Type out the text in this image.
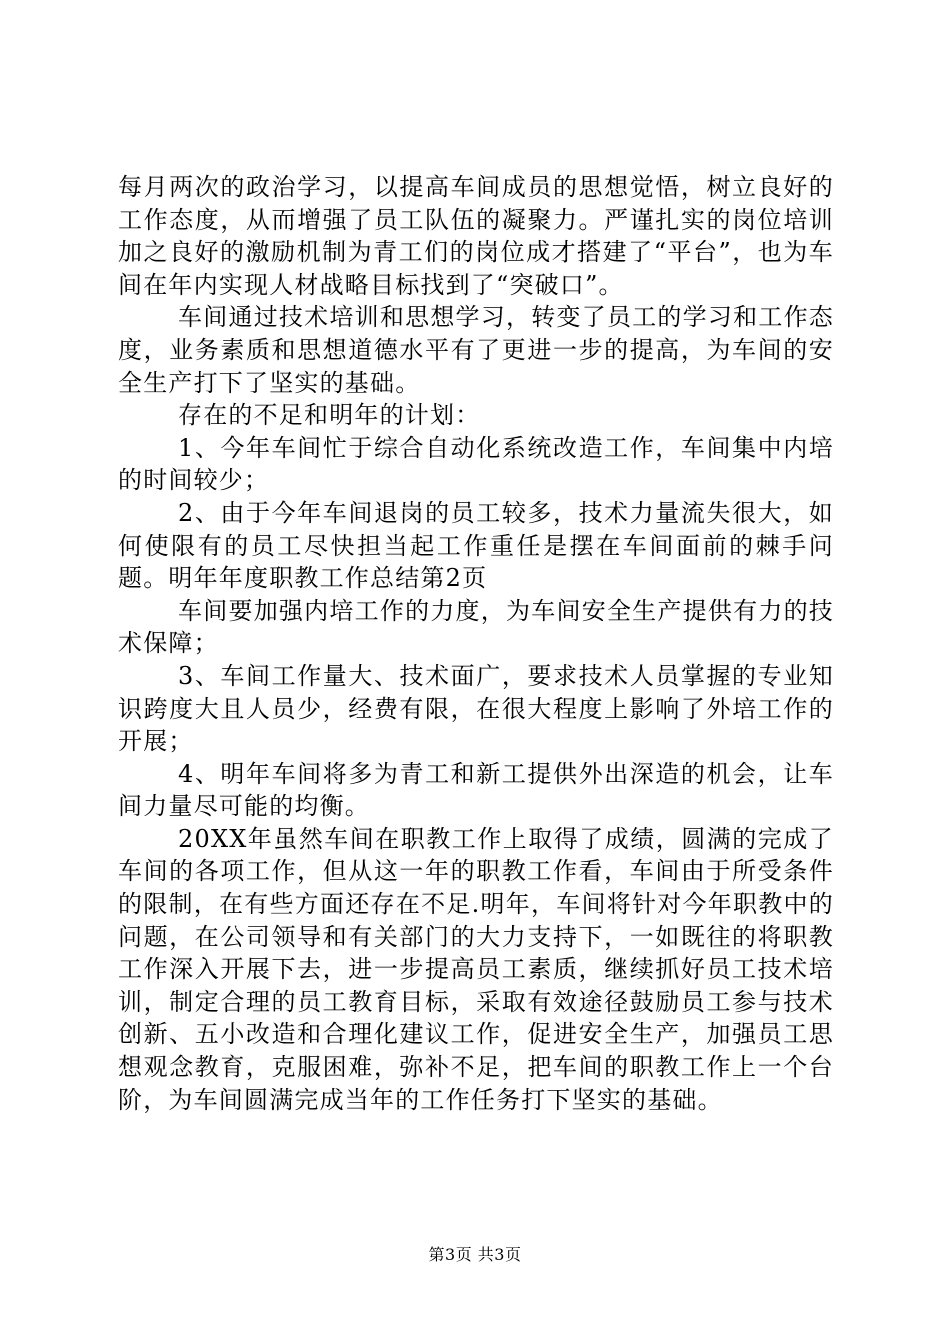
每月两次的政治学习，以提高车间成员的思想觉悟，树立良好的工作态度，从而增强了员工队伍的凝聚力。严谨扎实的岗位培训加之良好的激励机制为青工们的岗位成才搭建了“平台”，也为车间在年内实现人材战略目标找到了“突破口”。

车间通过技术培训和思想学习，转变了员工的学习和工作态度，业务素质和思想道德水平有了更进一步的提高，为车间的安全生产打下了坚实的基础。

存在的不足和明年的计划：

1、今年车间忙于综合自动化系统改造工作，车间集中内培的时间较少；

2、由于今年车间退岗的员工较多，技术力量流失很大，如何使限有的员工尽快担当起工作重任是摆在车间面前的棘手问题。明年年度职教工作总结第2页

车间要加强内培工作的力度，为车间安全生产提供有力的技术保障；

3、车间工作量大、技术面广，要求技术人员掌握的专业知识跨度大且人员少，经费有限，在很大程度上影响了外培工作的开展；

4、明年车间将多为青工和新工提供外出深造的机会，让车间力量尽可能的均衡。

20XX年虽然车间在职教工作上取得了成绩，圆满的完成了车间的各项工作，但从这一年的职教工作看，车间由于所受条件的限制，在有些方面还存在不足.明年，车间将针对今年职教中的问题，在公司领导和有关部门的大力支持下，一如既往的将职教工作深入开展下去，进一步提高员工素质，继续抓好员工技术培训，制定合理的员工教育目标，采取有效途径鼓励员工参与技术创新、五小改造和合理化建议工作，促进安全生产，加强员工思想观念教育，克服困难，弥补不足，把车间的职教工作上一个台阶，为车间圆满完成当年的工作任务打下坚实的基础。

第3页 共3页
